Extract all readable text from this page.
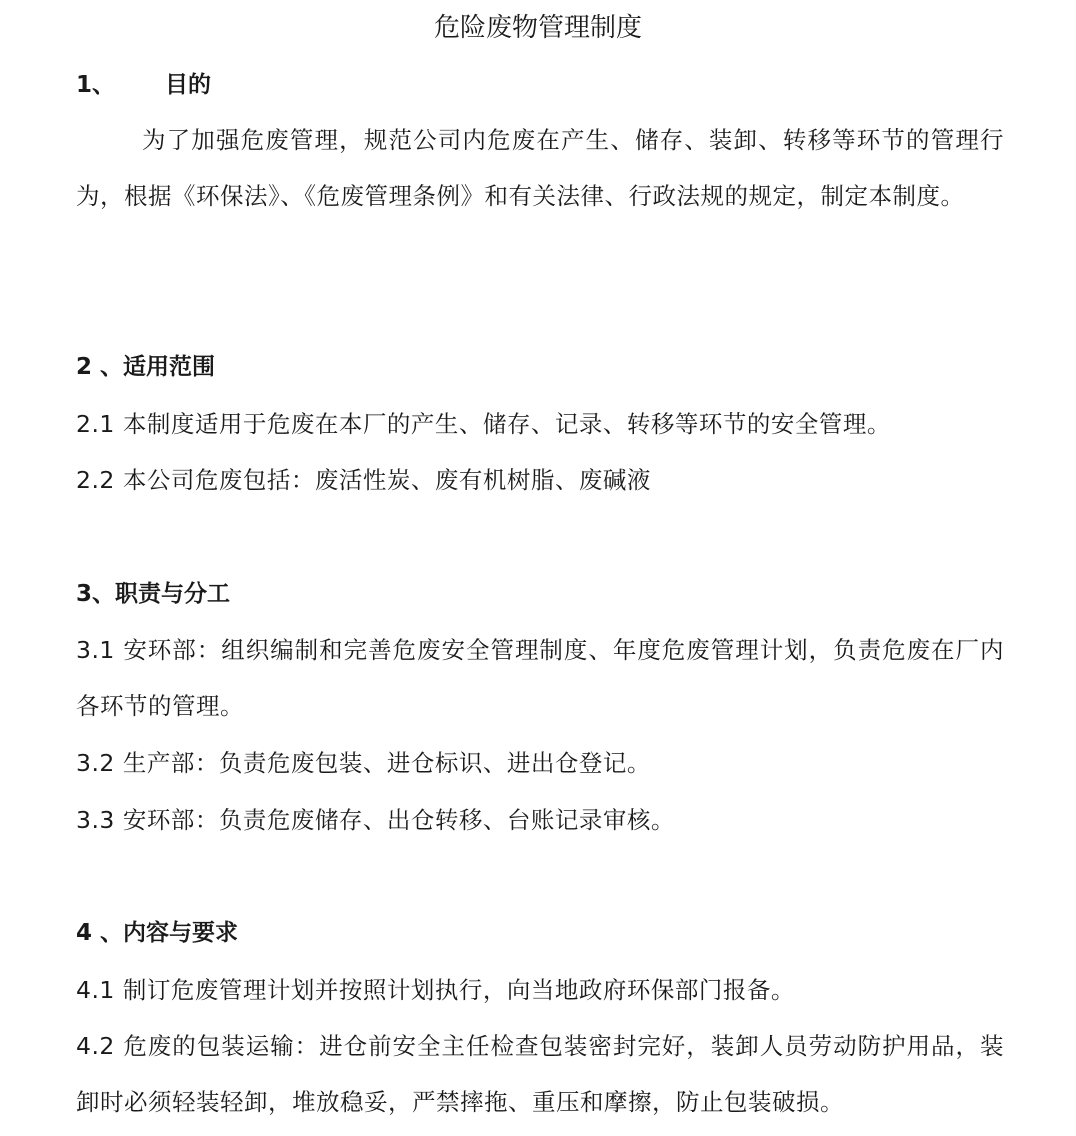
危险废物管理制度
1、 目的

为了加强危废管理，规范公司内危废在产生、储存、装卸、转移等环节的管理行为，根据《环保法》、《危废管理条例》和有关法律、行政法规的规定，制定本制度。

2 、适用范围

2.1 本制度适用于危废在本厂的产生、储存、记录、转移等环节的安全管理。

2.2 本公司危废包括：废活性炭、废有机树脂、废碱液

3、职责与分工

3.1 安环部：组织编制和完善危废安全管理制度、年度危废管理计划，负责危废在厂内各环节的管理。

3.2 生产部：负责危废包装、进仓标识、进出仓登记。

3.3 安环部：负责危废储存、出仓转移、台账记录审核。

4 、内容与要求

4.1 制订危废管理计划并按照计划执行，向当地政府环保部门报备。

4.2 危废的包装运输：进仓前安全主任检查包装密封完好，装卸人员劳动防护用品，装卸时必须轻装轻卸，堆放稳妥，严禁摔拖、重压和摩擦，防止包装破损。
